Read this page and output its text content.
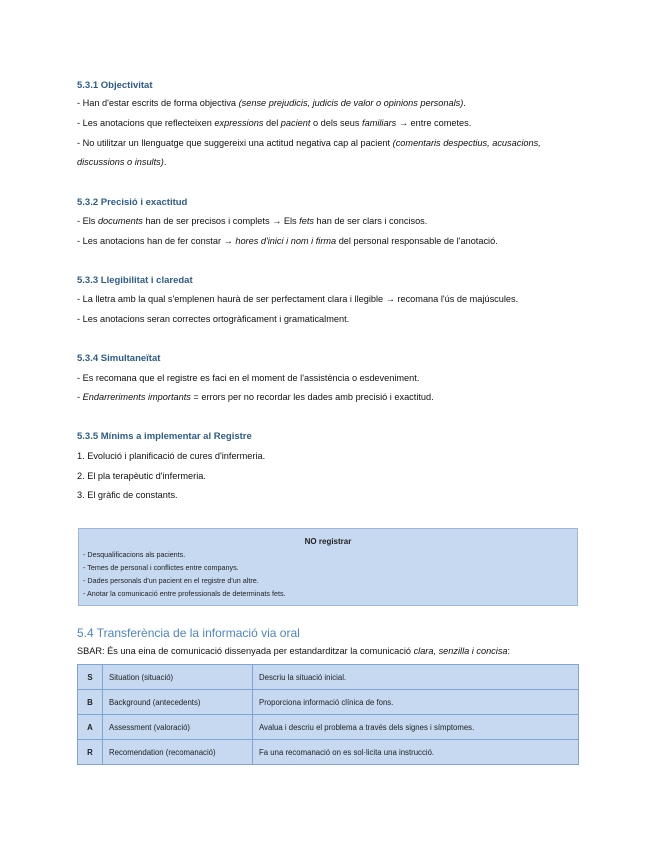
5.3.1 Objectivitat
- Han d'estar escrits de forma objectiva (sense prejudicis, judicis de valor o opinions personals).
- Les anotacions que reflecteixen expressions del pacient o dels seus familiars → entre cometes.
- No utilitzar un llenguatge que suggereixi una actitud negativa cap al pacient (comentaris despectius, acusacions,
discussions o insults).
5.3.2 Precisió i exactitud
- Els documents han de ser precisos i complets → Els fets han de ser clars i concisos.
- Les anotacions han de fer constar → hores d'inici i nom i firma del personal responsable de l'anotació.
5.3.3 Llegibilitat i claredat
- La lletra amb la qual s'emplenen haurà de ser perfectament clara i llegible → recomana l'ús de majúscules.
- Les anotacions seran correctes ortogràficament i gramaticalment.
5.3.4 Simultaneïtat
- Es recomana que el registre es faci en el moment de l'assistència o esdeveniment.
- Endarreriments importants = errors per no recordar les dades amb precisió i exactitud.
5.3.5 Mínims a implementar al Registre
1. Evolució i planificació de cures d'infermeria.
2. El pla terapèutic d'infermeria.
3. El gràfic de constants.
NO registrar
- Desqualificacions als pacients.
- Temes de personal i conflictes entre companys.
- Dades personals d'un pacient en el registre d'un altre.
- Anotar la comunicació entre professionals de determinats fets.
5.4 Transferència de la informació via oral
SBAR: És una eina de comunicació dissenyada per estandarditzar la comunicació clara, senzilla i concisa:
S	Situation (situació)	Descriu la situació inicial.
B	Background (antecedents)	Proporciona informació clínica de fons.
A	Assessment (valoració)	Avalua i descriu el problema a través dels signes i símptomes.
R	Recomendation (recomanació)	Fa una recomanació on es sol·licita una instrucció.
